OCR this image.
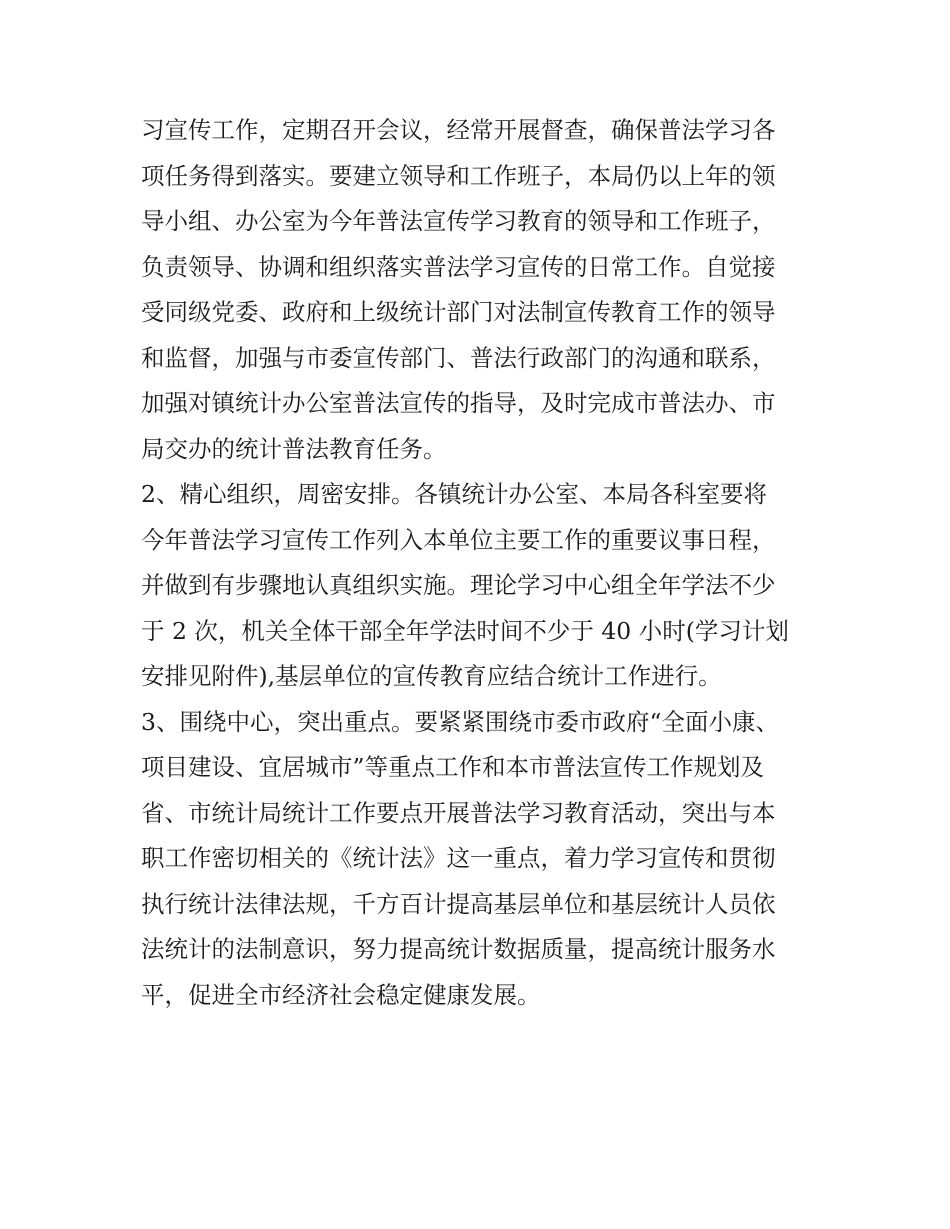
习宣传工作，定期召开会议，经常开展督查，确保普法学习各
项任务得到落实。要建立领导和工作班子，本局仍以上年的领
导小组、办公室为今年普法宣传学习教育的领导和工作班子，
负责领导、协调和组织落实普法学习宣传的日常工作。自觉接
受同级党委、政府和上级统计部门对法制宣传教育工作的领导
和监督，加强与市委宣传部门、普法行政部门的沟通和联系，
加强对镇统计办公室普法宣传的指导，及时完成市普法办、市
局交办的统计普法教育任务。
2、精心组织，周密安排。各镇统计办公室、本局各科室要将
今年普法学习宣传工作列入本单位主要工作的重要议事日程，
并做到有步骤地认真组织实施。理论学习中心组全年学法不少
于 2 次，机关全体干部全年学法时间不少于 40 小时(学习计划
安排见附件),基层单位的宣传教育应结合统计工作进行。
3、围绕中心，突出重点。要紧紧围绕市委市政府“全面小康、
项目建设、宜居城市”等重点工作和本市普法宣传工作规划及
省、市统计局统计工作要点开展普法学习教育活动，突出与本
职工作密切相关的《统计法》这一重点，着力学习宣传和贯彻
执行统计法律法规，千方百计提高基层单位和基层统计人员依
法统计的法制意识，努力提高统计数据质量，提高统计服务水
平，促进全市经济社会稳定健康发展。
